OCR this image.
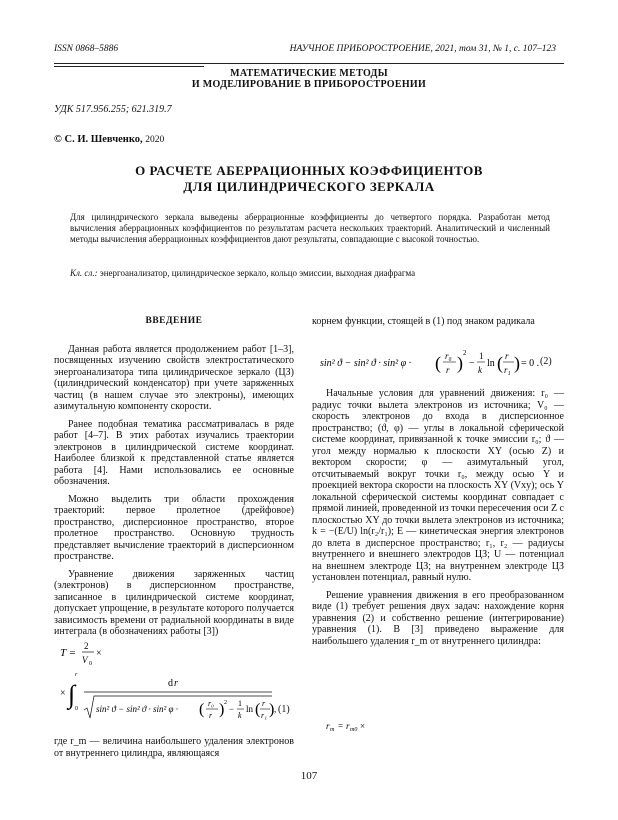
ISSN 0868–5886	НАУЧНОЕ ПРИБОРОСТРОЕНИЕ, 2021, том 31, № 1, с. 107–123
МАТЕМАТИЧЕСКИЕ МЕТОДЫ
И МОДЕЛИРОВАНИЕ В ПРИБОРОСТРОЕНИИ
УДК 517.956.255; 621.319.7
© С. И. Шевченко, 2020
О РАСЧЕТЕ АБЕРРАЦИОННЫХ КОЭФФИЦИЕНТОВ
ДЛЯ ЦИЛИНДРИЧЕСКОГО ЗЕРКАЛА
Для цилиндрического зеркала выведены аберрационные коэффициенты до четвертого порядка. Разработан метод вычисления аберрационных коэффициентов по результатам расчета нескольких траекторий. Аналитический и численный методы вычисления аберрационных коэффициентов дают результаты, совпадающие с высокой точностью.
Кл. сл.: энергоанализатор, цилиндрическое зеркало, кольцо эмиссии, выходная диафрагма
ВВЕДЕНИЕ

Данная работа является продолжением работ [1–3], посвященных изучению свойств электростатического энергоанализатора типа цилиндрическое зеркало (ЦЗ) (цилиндрический конденсатор) при учете заряженных частиц (в нашем случае это электроны), имеющих азимутальную компоненту скорости.

Ранее подобная тематика рассматривалась в ряде работ [4–7]. В этих работах изучались траектории электронов в цилиндрической системе координат. Наиболее близкой к представленной статье является работа [4]. Нами использовались ее основные обозначения.

Можно выделить три области прохождения траекторий: первое пролетное (дрейфовое) пространство, дисперсионное пространство, второе пролетное пространство. Основную трудность представляет вычисление траекторий в дисперсионном пространстве.

Уравнение движения заряженных частиц (электронов) в дисперсионном пространстве, записанное в цилиндрической системе координат, допускает упрощение, в результате которого получается зависимость времени от радиальной координаты в виде интеграла (в обозначениях работы [3])

T =
2
V 0
×
× ∫
r
0
d r
sin² ϑ − sin² ϑ · sin² φ · ( r₀
r ) 2
−
1
k
ln ( r
r₁ ) , (1)

где r_m — величина наибольшего удаления электронов от внутреннего цилиндра, являющаяся

корнем функции, стоящей в (1) под знаком радикала

sin² ϑ − sin² ϑ · sin² φ · ( r₀
r ) 2
−
1
k
ln ( r
r₁ ) = 0 . (2)

Начальные условия для уравнений движения: r₀ — радиус точки вылета электронов из источника; V₀ — скорость электронов до входа в дисперсионное пространство; (ϑ, φ) — углы в локальной сферической системе координат, привязанной к точке эмиссии r₀; ϑ — угол между нормалью к плоскости XY (осью Z) и вектором скорости; φ — азимутальный угол, отсчитываемый вокруг точки r₀, между осью Y и проекцией вектора скорости на плоскость XY (Vxy); ось Y локальной сферической системы координат совпадает с прямой линией, проведенной из точки пересечения оси Z с плоскостью XY до точки вылета электронов из источника; k = −(E/U) ln(r₂/r₁); E — кинетическая энергия электронов до влета в дисперсное пространство; r₁, r₂ — радиусы внутреннего и внешнего электродов ЦЗ; U — потенциал на внешнем электроде ЦЗ; на внутреннем электроде ЦЗ установлен потенциал, равный нулю.

Решение уравнения движения в его преобразованном виде (1) требует решения двух задач: нахождение корня уравнения (2) и собственно решение (интегрирование) уравнения (1). В [3] приведено выражение для наибольшего удаления r_m от внутреннего цилиндра:

r m = r m0 ×
107
